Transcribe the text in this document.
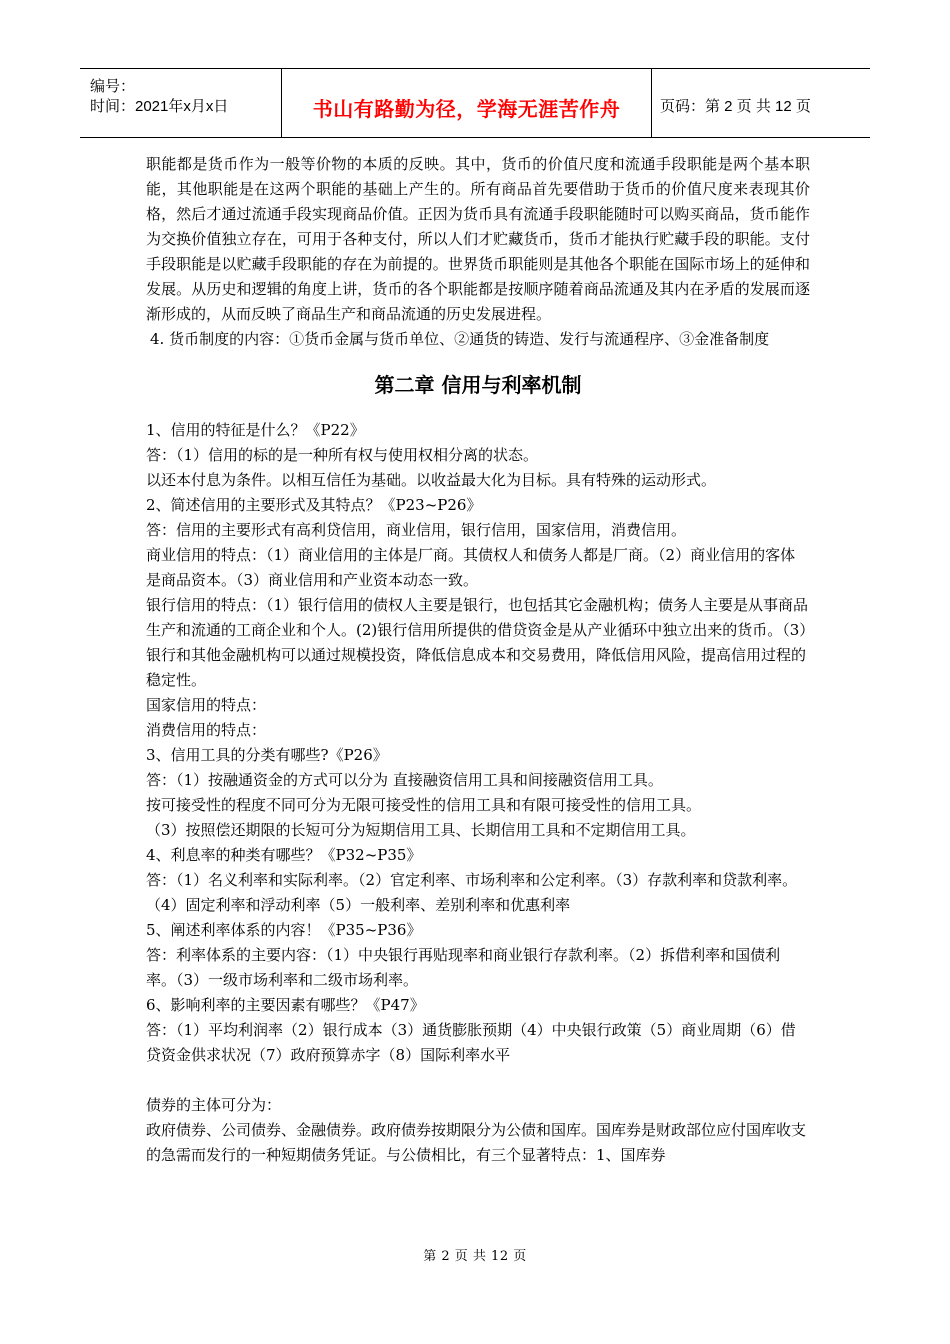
编号：
时间：2021年x月x日	书山有路勤为径，学海无涯苦作舟	页码：第 2 页 共 12 页

职能都是货币作为一般等价物的本质的反映。其中，货币的价值尺度和流通手段职能是两个基本职能，其他职能是在这两个职能的基础上产生的。所有商品首先要借助于货币的价值尺度来表现其价格，然后才通过流通手段实现商品价值。正因为货币具有流通手段职能随时可以购买商品，货币能作为交换价值独立存在，可用于各种支付，所以人们才贮藏货币，货币才能执行贮藏手段的职能。支付手段职能是以贮藏手段职能的存在为前提的。世界货币职能则是其他各个职能在国际市场上的延伸和发展。从历史和逻辑的角度上讲，货币的各个职能都是按顺序随着商品流通及其内在矛盾的发展而逐渐形成的，从而反映了商品生产和商品流通的历史发展进程。

4. 货币制度的内容：①货币金属与货币单位、②通货的铸造、发行与流通程序、③金准备制度

第二章 信用与利率机制

1、信用的特征是什么？《P22》

答：（1）信用的标的是一种所有权与使用权相分离的状态。

以还本付息为条件。以相互信任为基础。以收益最大化为目标。具有特殊的运动形式。

2、简述信用的主要形式及其特点？《P23~P26》

答：信用的主要形式有高利贷信用，商业信用，银行信用，国家信用，消费信用。

商业信用的特点：（1）商业信用的主体是厂商。其债权人和债务人都是厂商。（2）商业信用的客体是商品资本。（3）商业信用和产业资本动态一致。

银行信用的特点：（1）银行信用的债权人主要是银行，也包括其它金融机构；债务人主要是从事商品生产和流通的工商企业和个人。(2)银行信用所提供的借贷资金是从产业循环中独立出来的货币。（3）银行和其他金融机构可以通过规模投资，降低信息成本和交易费用，降低信用风险，提高信用过程的稳定性。

国家信用的特点：

消费信用的特点：

3、信用工具的分类有哪些?《P26》

答：（1）按融通资金的方式可以分为 直接融资信用工具和间接融资信用工具。

按可接受性的程度不同可分为无限可接受性的信用工具和有限可接受性的信用工具。

（3）按照偿还期限的长短可分为短期信用工具、长期信用工具和不定期信用工具。

4、利息率的种类有哪些？《P32~P35》

答：（1）名义利率和实际利率。（2）官定利率、市场利率和公定利率。（3）存款利率和贷款利率。（4）固定利率和浮动利率（5）一般利率、差别利率和优惠利率

5、阐述利率体系的内容！《P35~P36》

答：利率体系的主要内容：（1）中央银行再贴现率和商业银行存款利率。（2）拆借利率和国债利率。（3）一级市场利率和二级市场利率。

6、影响利率的主要因素有哪些？《P47》

答：（1）平均利润率（2）银行成本（3）通货膨胀预期（4）中央银行政策（5）商业周期（6）借贷资金供求状况（7）政府预算赤字（8）国际利率水平

债券的主体可分为：

政府债券、公司债券、金融债券。政府债券按期限分为公债和国库。国库券是财政部位应付国库收支的急需而发行的一种短期债务凭证。与公债相比，有三个显著特点：1、国库券

第 2 页 共 12 页
